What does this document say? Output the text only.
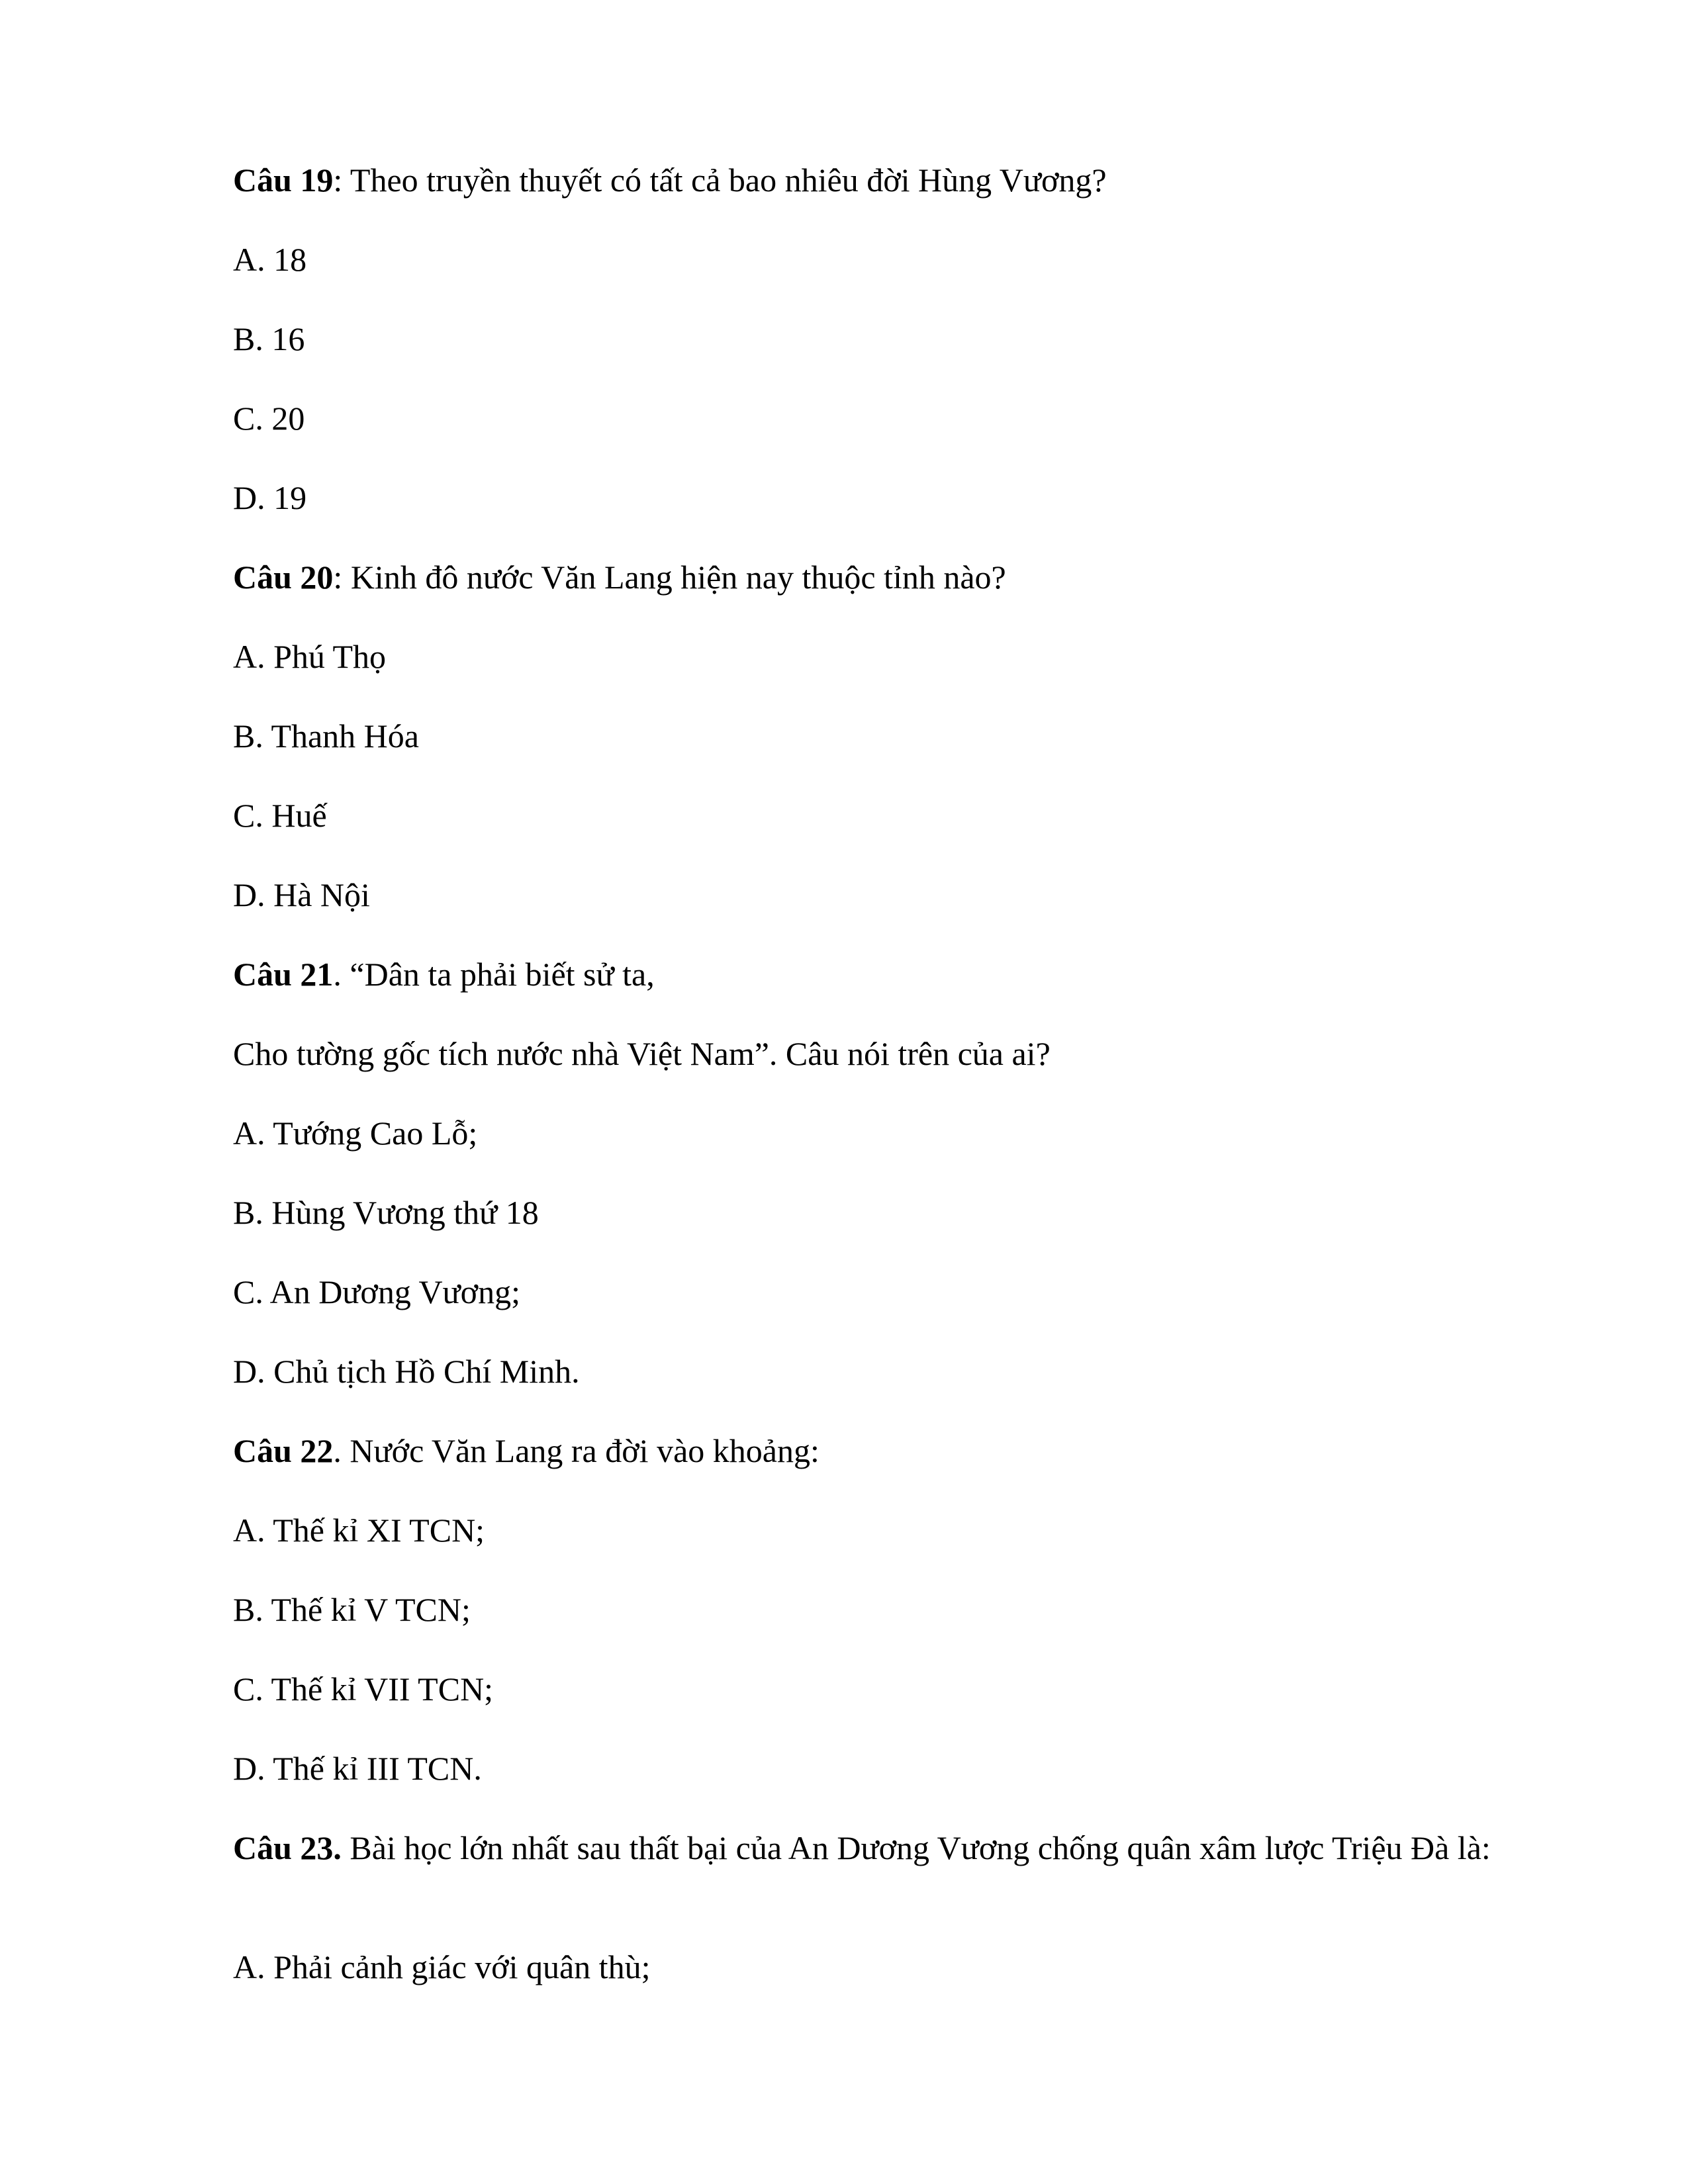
Câu 19: Theo truyền thuyết có tất cả bao nhiêu đời Hùng Vương?

A. 18

B. 16

C. 20

D. 19

Câu 20: Kinh đô nước Văn Lang hiện nay thuộc tỉnh nào?

A. Phú Thọ

B. Thanh Hóa

C. Huế

D. Hà Nội

Câu 21. “Dân ta phải biết sử ta,

Cho tường gốc tích nước nhà Việt Nam”. Câu nói trên của ai?

A. Tướng Cao Lỗ;

B. Hùng Vương thứ 18

C. An Dương Vương;

D. Chủ tịch Hồ Chí Minh.

Câu 22. Nước Văn Lang ra đời vào khoảng:

A. Thế kỉ XI TCN;

B. Thế kỉ V TCN;

C. Thế kỉ VII TCN;

D. Thế kỉ III TCN.

Câu 23. Bài học lớn nhất sau thất bại của An Dương Vương chống quân xâm lược Triệu Đà là:

A. Phải cảnh giác với quân thù;
